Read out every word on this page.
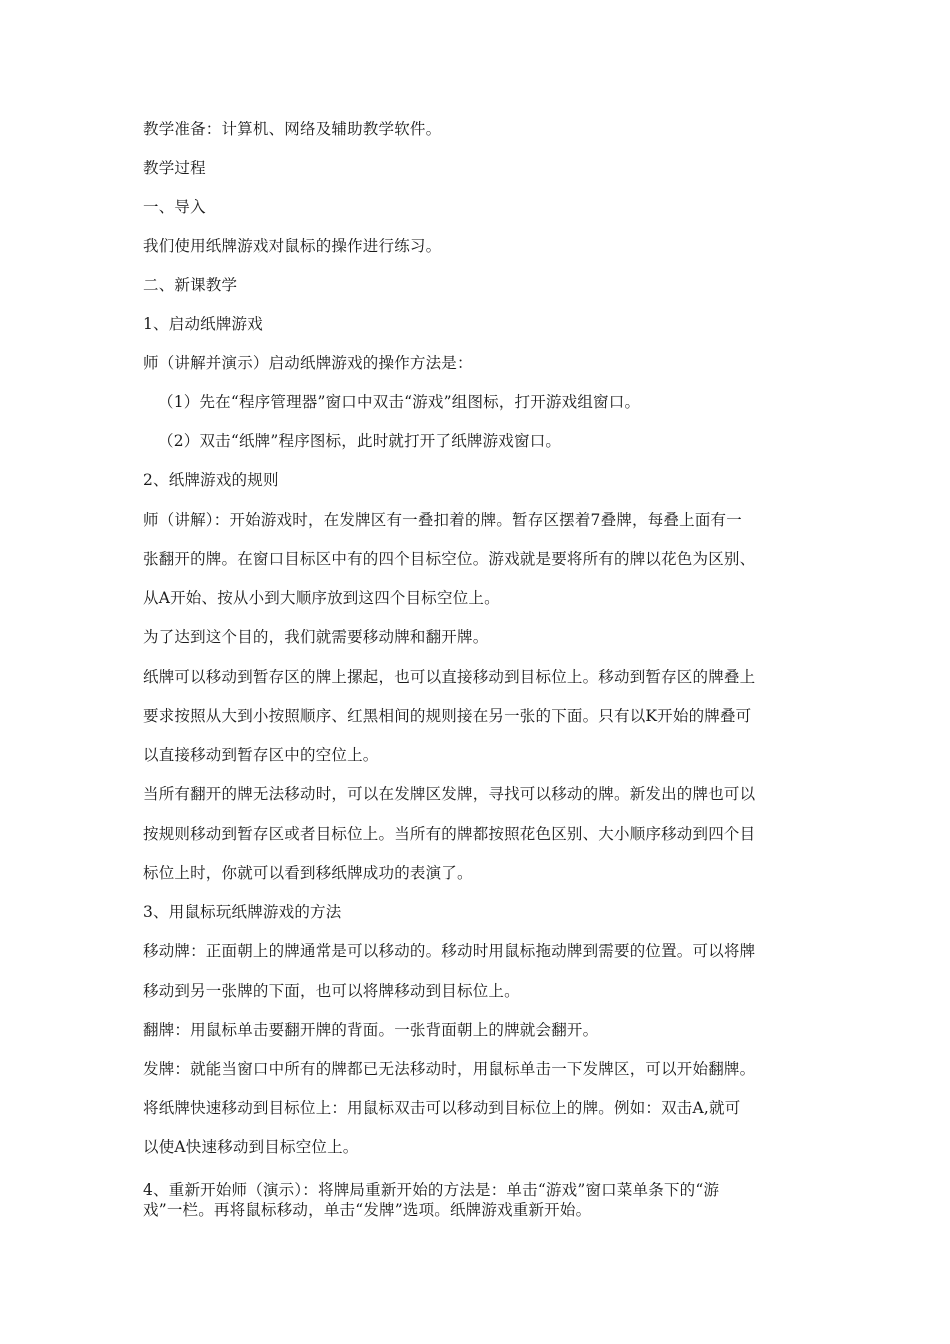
教学准备：计算机、网络及辅助教学软件。
教学过程
一、导入
我们使用纸牌游戏对鼠标的操作进行练习。
二、新课教学
1、启动纸牌游戏
师（讲解并演示）启动纸牌游戏的操作方法是：
（1）先在“程序管理器”窗口中双击“游戏”组图标，打开游戏组窗口。
（2）双击“纸牌”程序图标，此时就打开了纸牌游戏窗口。
2、纸牌游戏的规则
师（讲解）：开始游戏时，在发牌区有一叠扣着的牌。暂存区摆着7叠牌，每叠上面有一
张翻开的牌。在窗口目标区中有的四个目标空位。游戏就是要将所有的牌以花色为区别、
从A开始、按从小到大顺序放到这四个目标空位上。
为了达到这个目的，我们就需要移动牌和翻开牌。
纸牌可以移动到暂存区的牌上摞起，也可以直接移动到目标位上。移动到暂存区的牌叠上
要求按照从大到小按照顺序、红黑相间的规则接在另一张的下面。只有以K开始的牌叠可
以直接移动到暂存区中的空位上。
当所有翻开的牌无法移动时，可以在发牌区发牌，寻找可以移动的牌。新发出的牌也可以
按规则移动到暂存区或者目标位上。当所有的牌都按照花色区别、大小顺序移动到四个目
标位上时，你就可以看到移纸牌成功的表演了。
3、用鼠标玩纸牌游戏的方法
移动牌：正面朝上的牌通常是可以移动的。移动时用鼠标拖动牌到需要的位置。可以将牌
移动到另一张牌的下面，也可以将牌移动到目标位上。
翻牌：用鼠标单击要翻开牌的背面。一张背面朝上的牌就会翻开。
发牌：就能当窗口中所有的牌都已无法移动时，用鼠标单击一下发牌区，可以开始翻牌。
将纸牌快速移动到目标位上：用鼠标双击可以移动到目标位上的牌。例如：双击A,就可
以使A快速移动到目标空位上。
4、重新开始师（演示）：将牌局重新开始的方法是：单击“游戏”窗口菜单条下的“游
戏”一栏。再将鼠标移动，单击“发牌”选项。纸牌游戏重新开始。
